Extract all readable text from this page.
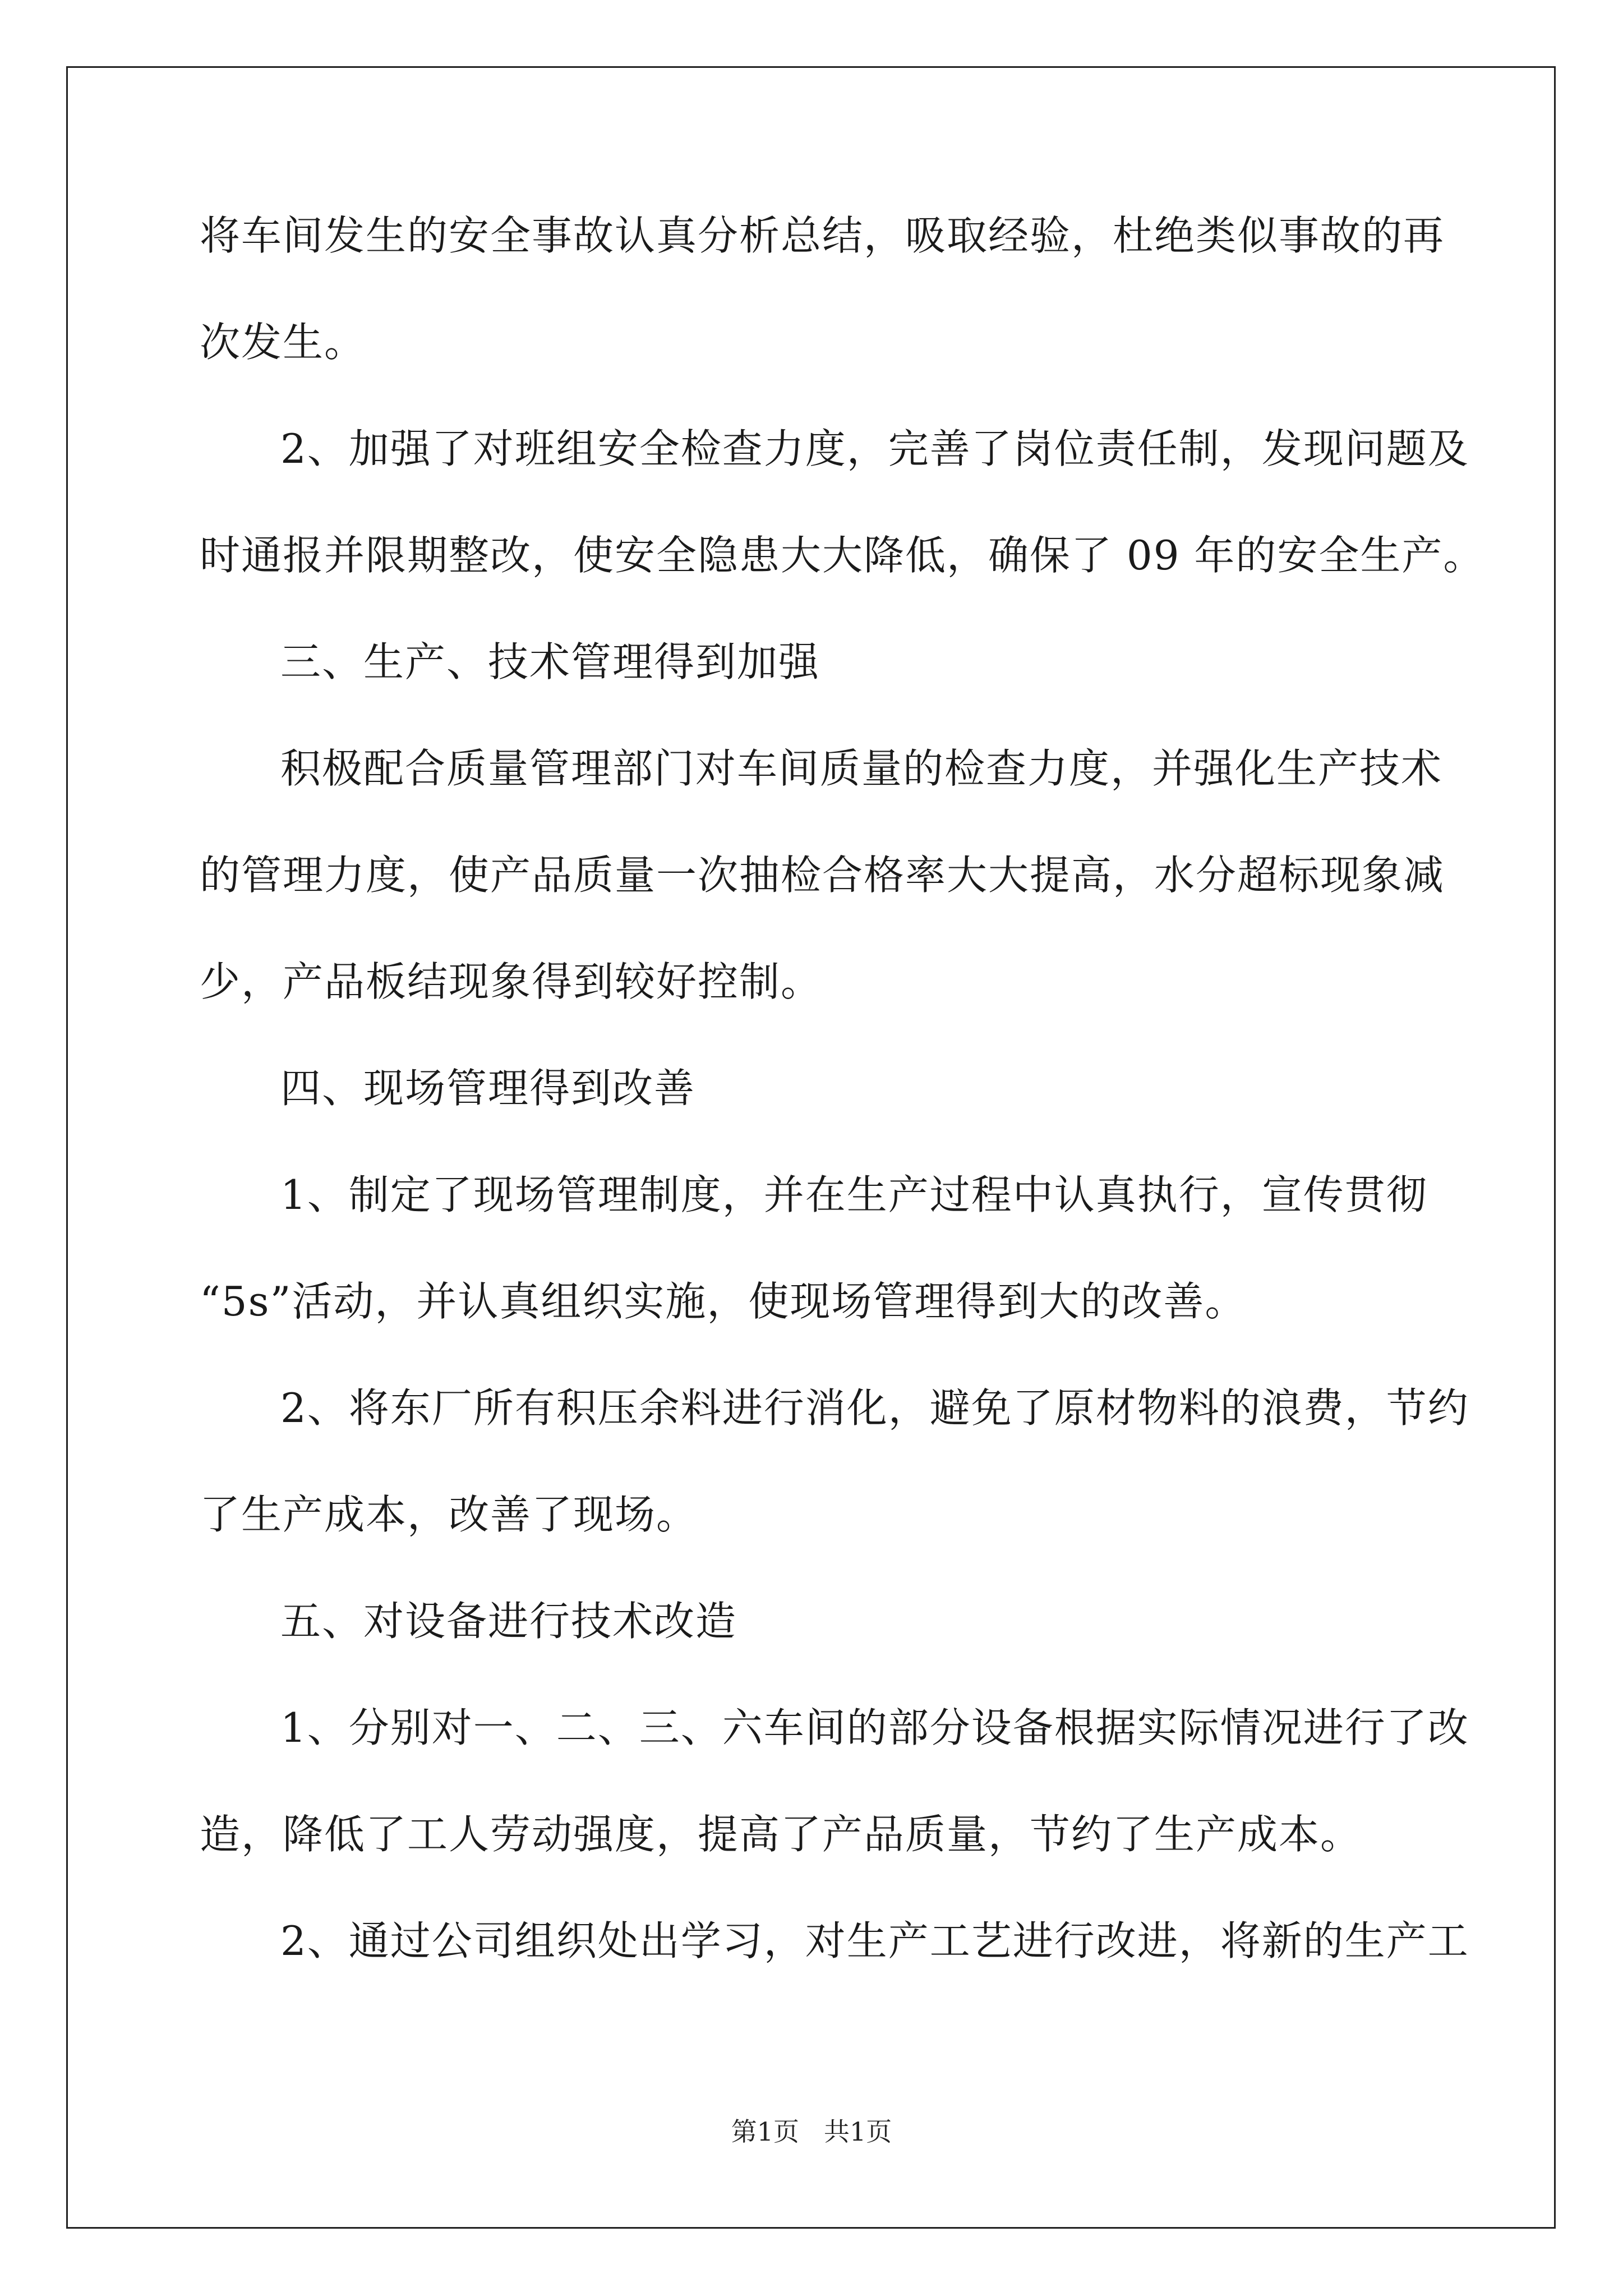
将车间发生的安全事故认真分析总结，吸取经验，杜绝类似事故的再
次发生。
2、加强了对班组安全检查力度，完善了岗位责任制，发现问题及
时通报并限期整改，使安全隐患大大降低，确保了 09 年的安全生产。
三、生产、技术管理得到加强
积极配合质量管理部门对车间质量的检查力度，并强化生产技术
的管理力度，使产品质量一次抽检合格率大大提高，水分超标现象减
少，产品板结现象得到较好控制。
四、现场管理得到改善
1、制定了现场管理制度，并在生产过程中认真执行，宣传贯彻
“5s”活动，并认真组织实施，使现场管理得到大的改善。
2、将东厂所有积压余料进行消化，避免了原材物料的浪费，节约
了生产成本，改善了现场。
五、对设备进行技术改造
1、分别对一、二、三、六车间的部分设备根据实际情况进行了改
造，降低了工人劳动强度，提高了产品质量，节约了生产成本。
2、通过公司组织处出学习，对生产工艺进行改进，将新的生产工
第1页 共1页
